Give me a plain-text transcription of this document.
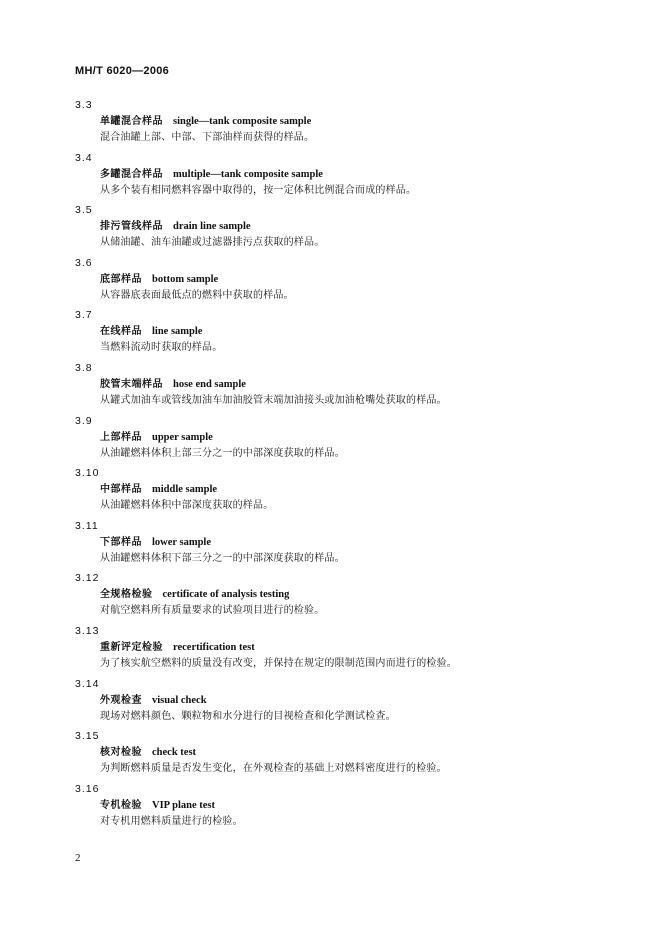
MH/T 6020—2006
3.3
单罐混合样品 single—tank composite sample
混合油罐上部、中部、下部油样而获得的样品。
3.4
多罐混合样品 multiple—tank composite sample
从多个装有相同燃料容器中取得的，按一定体积比例混合而成的样品。
3.5
排污管线样品 drain line sample
从储油罐、油车油罐或过滤器排污点获取的样品。
3.6
底部样品 bottom sample
从容器底表面最低点的燃料中获取的样品。
3.7
在线样品 line sample
当燃料流动时获取的样品。
3.8
胶管末端样品 hose end sample
从罐式加油车或管线加油车加油胶管末端加油接头或加油枪嘴处获取的样品。
3.9
上部样品 upper sample
从油罐燃料体积上部三分之一的中部深度获取的样品。
3.10
中部样品 middle sample
从油罐燃料体积中部深度获取的样品。
3.11
下部样品 lower sample
从油罐燃料体积下部三分之一的中部深度获取的样品。
3.12
全规格检验 certificate of analysis testing
对航空燃料所有质量要求的试验项目进行的检验。
3.13
重新评定检验 recertification test
为了核实航空燃料的质量没有改变，并保持在规定的限制范围内而进行的检验。
3.14
外观检查 visual check
现场对燃料颜色、颗粒物和水分进行的目视检查和化学测试检查。
3.15
核对检验 check test
为判断燃料质量是否发生变化，在外观检查的基础上对燃料密度进行的检验。
3.16
专机检验 VIP plane test
对专机用燃料质量进行的检验。
2
